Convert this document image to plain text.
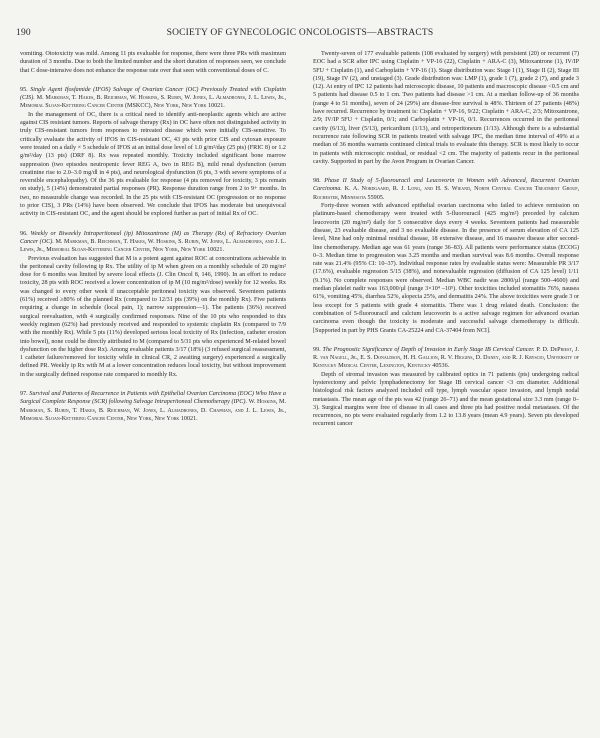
190	SOCIETY OF GYNECOLOGIC ONCOLOGISTS—ABSTRACTS

vomiting. Ototoxicity was mild. Among 11 pts evaluable for response, there were three PRs with maximum duration of 3 months. Due to both the limited number and the short duration of responses seen, we conclude that C dose-intensive does not enhance the response rate over that seen with conventional doses of C.

95. Single Agent Ifosfamide (IFOS) Salvage of Ovarian Cancer (OC) Previously Treated with Cisplatin (CIS). M. Markman, T. Hakes, B. Reichman, W. Hoskins, S. Rubin, W. Jones, L. Almadrones, J. L. Lewis, Jr., Memorial Sloan-Kettering Cancer Center (MSKCC), New York, New York 10021.

In the management of OC, there is a critical need to identify anti-neoplastic agents which are active against CIS resistant tumors. Reports of salvage therapy (Rx) in OC have often not distinguished activity in truly CIS-resistant tumors from responses to retreated disease which were initially CIS-sensitive. To critically evaluate the activity of IFOS in CIS-resistant OC, 43 pts with prior CIS and cytoxan exposure were treated on a daily × 5 schedule of IFOS at an initial dose level of 1.0 g/m²/day (25 pts) (FRIC 8) or 1.2 g/m²/day (13 pts) (DRF 8). Rx was repeated monthly. Toxicity included significant bone marrow suppression (two episodes neutropenic fever REG A, two in REG B), mild renal dysfunction (serum creatinine rise to 2.0–3.0 mg/dl in 4 pts), and neurological dysfunction (6 pts, 3 with severe symptoms of a reversible encephalopathy). Of the 36 pts evaluable for response (4 pts removed for toxicity, 3 pts remain on study), 5 (14%) demonstrated partial responses (PR). Response duration range from 2 to 9+ months. In two, no measurable change was recorded. In the 25 pts with CIS-resistant OC (progression or no response to prior CIS), 3 PRs (14%) have been observed. We conclude that IFOS has moderate but unequivocal activity in CIS-resistant OC, and the agent should be explored further as part of initial Rx of OC.

96. Weekly or Biweekly Intraperitoneal (ip) Mitoxantrone (M) as Therapy (Rx) of Refractory Ovarian Cancer (OC). M. Markman, B. Reichman, T. Hakes, W. Hoskins, S. Rubin, W. Jones, L. Almadrones, and J. L. Lewis, Jr., Memorial Sloan-Kettering Cancer Center, New York, New York 10021.

Previous evaluation has suggested that M is a potent agent against ROC at concentrations achievable in the peritoneal cavity following ip Rx. The utility of ip M when given on a monthly schedule of 20 mg/m² dose for 6 months was limited by severe local effects (J. Clin Oncol 8, 146, 1990). In an effort to reduce toxicity, 28 pts with ROC received a lower concentration of ip M (10 mg/m²/dose) weekly for 12 weeks. Rx was changed to every other week if unacceptable peritoneal toxicity was observed. Seventeen patients (61%) received ≥80% of the planned Rx (compared to 12/31 pts (39%) on the monthly Rx). Five patients requiring a change in schedule (local pain, 1); narrow suppression—1). The patients (36%) received surgical reevaluation, with 4 surgically confirmed responses. Nine of the 10 pts who responded to this weekly regimen (62%) had previously received and responded to systemic cisplatin Rx (compared to 7/9 with the monthly Rx). While 5 pts (11%) developed serious local toxicity of Rx (infection, catheter erosion into bowel), none could be directly attributed to M (compared to 5/31 pts who experienced M-related bowel dysfunction on the higher dose Rx). Among evaluable patients 3/17 (18%) (3 refused surgical reassessment, 1 catheter failure/removed for toxicity while in clinical CR, 2 awaiting surgery) experienced a surgically defined PR. Weekly ip Rx with M at a lower concentration reduces local toxicity, but without improvement in the surgically defined response rate compared to monthly Rx.

97. Survival and Patterns of Recurrence in Patients with Epithelial Ovarian Carcinoma (EOC) Who Have a Surgical Complete Response (SCR) following Salvage Intraperitoneal Chemotherapy (IPC). W. Hoskins, M. Markman, S. Rubin, T. Hakes, B. Reichman, W. Jones, L. Almadrones, D. Chapman, and J. L. Lewis, Jr., Memorial Sloan-Kettering Cancer Center, New York, New York 10021.

Twenty-seven of 177 evaluable patients (108 evaluated by surgery) with persistent (20) or recurrent (7) EOC had a SCR after IPC using Cisplatin + VP-16 (22), Cisplatin + ARA-C (3), Mitoxantrone (1), IV/IP 5FU + Cisplatin (1), and Carboplatin + VP-16 (1). Stage distribution was: Stage I (1), Stage II (2), Stage III (19), Stage IV (2), and unstaged (3). Grade distribution was: LMP (1), grade 1 (7), grade 2 (7), and grade 3 (12). At entry of IPC 12 patients had microscopic disease, 10 patients and macroscopic disease <0.5 cm and 5 patients had disease 0.5 to 1 cm. Two patients had disease >1 cm. At a median follow-up of 36 months (range 4 to 51 months), seven of 24 (29%) are disease-free survival is 48%. Thirteen of 27 patients (48%) have recurred. Recurrence by treatment is: Cisplatin + VP-16, 9/22; Cisplatin + ARA-C, 2/3; Mitoxantrone, 2/9; IV/IP 5FU + Cisplatin, 0/1; and Carboplatin + VP-16, 0/1. Recurrences occurred in the peritoneal cavity (6/13), liver (5/13), pericardium (1/13), and retroperitoneum (1/13). Although there is a substantial recurrence rate following SCR in patients treated with salvage IPC, the median time interval of 49% at a median of 36 months warrants continued clinical trials to evaluate this therapy. SCR is most likely to occur in patients with microscopic residual, or residual <2 cm. The majority of patients recur in the peritoneal cavity. Supported in part by the Avon Program in Ovarian Cancer.

98. Phase II Study of 5-fluorouracil and Leucovorin in Women with Advanced, Recurrent Ovarian Carcinoma. K. A. Nordgaard, R. J. Long, and H. S. Wieand, North Central Cancer Treatment Group, Rochester, Minnesota 55905.

Forty-three women with advanced epithelial ovarian carcinoma who failed to achieve remission on platinum-based chemotherapy were treated with 5-fluorouracil (425 mg/m²) preceded by calcium leucovorin (20 mg/m²) daily for 5 consecutive days every 4 weeks. Seventeen patients had measurable disease, 23 evaluable disease, and 3 no evaluable disease. In the presence of serum elevation of CA 125 level, Nine had only minimal residual disease, 18 extensive disease, and 16 massive disease after second-line chemotherapy. Median age was 61 years (range 36–83). All patients were performance status (ECOG) 0–3. Median time to progression was 3.25 months and median survival was 8.6 months. Overall response rate was 21.4% (95% CI: 10–37). Individual response rates by evaluable status were: Measurable PR 3/17 (17.6%), evaluable regression 5/15 (38%), and nonevaluable regression (diffusion of CA 125 level) 1/11 (9.1%). No complete responses were observed. Median WBC nadir was 2800/µl (range 500–4600) and median platelet nadir was 163,000/µl (range 3×10⁴ –10⁵). Other toxicities included stomatitis 76%, nausea 61%, vomiting 45%, diarrhea 52%, alopecia 25%, and dermatitis 24%. The above toxicities were grade 3 or less except for 5 patients with grade 4 stomatitis. There was 1 drug related death. Conclusion: the combination of 5-fluorouracil and calcium leucovorin is a active salvage regimen for advanced ovarian carcinoma even though the toxicity is moderate and successful salvage chemotherapy is difficult. [Supported in part by PHS Grants CA-25224 and CA-37404 from NCI].

99. The Prognostic Significance of Depth of Invasion in Early Stage IB Cervical Cancer. P. D. DePriest, J. R. van Nagell, Jr., E. S. Donaldson, H. H. Gallion, R. V. Higgins, D. Daney, and R. J. Kryscio, University of Kentucky Medical Center, Lexington, Kentucky 40536.

Depth of stromal invasion was measured by calibrated optics in 71 patients (pts) undergoing radical hysterectomy and pelvic lymphadenectomy for Stage IB cervical cancer <3 cm diameter. Additional histological risk factors analyzed included cell type, lymph vascular space invasion, and lymph nodal metastasis. The mean age of the pts was 42 (range 26–71) and the mean gestational size 3.3 mm (range 0–3). Surgical margins were free of disease in all cases and three pts had positive nodal metastases. Of the recurrences, no pts were evaluated regularly from 1.2 to 13.8 years (mean 4.9 years). Seven pts developed recurrent cancer
